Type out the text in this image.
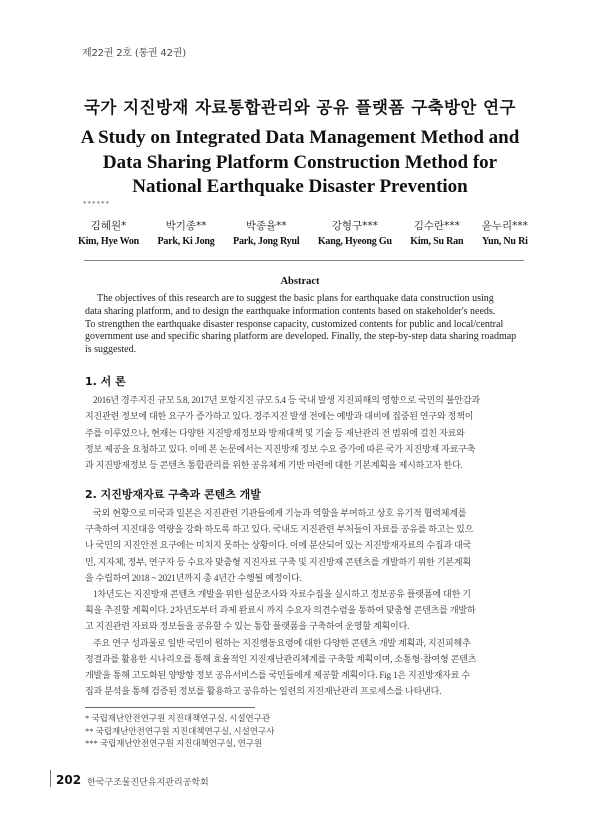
제22권 2호 (통권 42권)
국가 지진방재 자료통합관리와 공유 플랫폼 구축방안 연구
A Study on Integrated Data Management Method and Data Sharing Platform Construction Method for National Earthquake Disaster Prevention
******
김혜원*
Kim, Hye Won
박기종**
Park, Ki Jong
박종율**
Park, Jong Ryul
강형구***
Kang, Hyeong Gu
김수란***
Kim, Su Ran
윤누리***
Yun, Nu Ri
Abstract
The objectives of this research are to suggest the basic plans for earthquake data construction using
data sharing platform, and to design the earthquake information contents based on stakeholder's needs.
To strengthen the earthquake disaster response capacity, customized contents for public and local/central
government use and specific sharing platform are developed. Finally, the step-by-step data sharing roadmap
is suggested.
1. 서 론
2016년 경주지진 규모 5.8, 2017년 포항지진 규모 5.4 등 국내 발생 지진피해의 영향으로 국민의 불안감과
지진관련 정보에 대한 요구가 증가하고 있다. 경주지진 발생 전에는 예방과 대비에 집중된 연구와 정책이
주를 이루었으나, 현재는 다양한 지진방재정보와 방재대책 및 기술 등 재난관리 전 범위에 걸친 자료와
정보 제공을 요청하고 있다. 이에 본 논문에서는 지진방재 정보 수요 증가에 따른 국가 지진방재 자료구축
과 지진방재정보 등 콘텐츠 통합관리를 위한 공유체계 기반 마련에 대한 기본계획을 제시하고자 한다.
2. 지진방재자료 구축과 콘텐츠 개발
국외 현황으로 미국과 일본은 지진관련 기관들에게 기능과 역할을 부여하고 상호 유기적 협력체계를
구축하여 지진대응 역량을 강화 하도록 하고 있다. 국내도 지진관련 부처들이 자료를 공유를 하고는 있으
나 국민의 지진안전 요구에는 미치지 못하는 상황이다. 이에 분산되어 있는 지진방재자료의 수집과 대국
민, 지자체, 정부, 연구자 등 수요자 맞춤형 지진자료 구축 및 지진방재 콘텐츠를 개발하기 위한 기본계획
을 수립하여 2018 ~ 2021년까지 총 4년간 수행될 예정이다.
1차년도는 지진방재 콘텐츠 개발을 위한 설문조사와 자료수집을 실시하고 정보공유 플랫폼에 대한 기
획을 추진할 계획이다. 2차년도부터 과제 완료시 까지 수요자 의견수렴을 통하여 맞춤형 콘텐츠를 개발하
고 지진관련 자료와 정보들을 공유할 수 있는 통합 플랫폼을 구축하여 운영할 계획이다.
주요 연구 성과물로 일반 국민이 원하는 지진행동요령에 대한 다양한 콘텐츠 개발 계획과, 지진피해추
정결과를 활용한 시나리오를 통해 효율적인 지진재난관리체계를 구축할 계획이며, 소통형·참여형 콘텐츠
개발을 통해 고도화된 양방향 정보 공유서비스를 국민들에게 제공할 계획이다. Fig 1은 지진방재자료 수
집과 분석을 통해 검증된 정보를 활용하고 공유하는 일련의 지진재난관리 프로세스를 나타낸다.
* 국립재난안전연구원 지진대책연구실, 시설연구관
** 국립재난안전연구원 지진대책연구실, 시설연구사
*** 국립재난안전연구원 지진대책연구실, 연구원
202 한국구조물진단유지관리공학회
